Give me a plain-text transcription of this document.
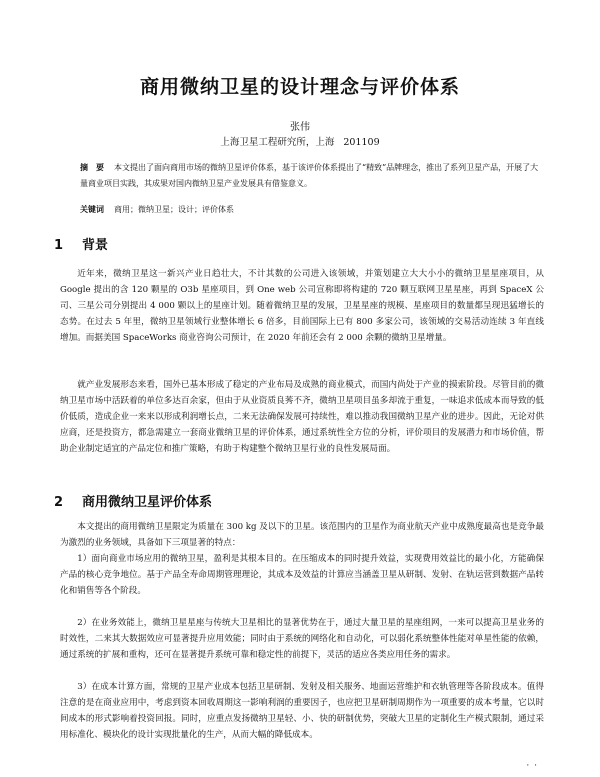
商用微纳卫星的设计理念与评价体系
张伟
上海卫星工程研究所，上海 201109
摘　要 本文提出了面向商用市场的微纳卫星评价体系，基于该评价体系提出了“精致”品牌理念，推出了系列卫星产品，开展了大量商业项目实践，其成果对国内微纳卫星产业发展具有借鉴意义。
关键词 商用；微纳卫星；设计；评价体系
1 背景
近年来，微纳卫星这一新兴产业日趋壮大，不计其数的公司进入该领域，并策划建立大大小小的微纳卫星星座项目，从 Google 提出的含 120 颗星的 O3b 星座项目，到 One web 公司宣称即将构建的 720 颗互联网卫星星座，再到 SpaceX 公司、三星公司分别提出 4 000 颗以上的星座计划。随着微纳卫星的发展，卫星星座的规模、星座项目的数量都呈现迅猛增长的态势。在过去 5 年里，微纳卫星领域行业整体增长 6 倍多，目前国际上已有 800 多家公司，该领域的交易活动连续 3 年直线增加。而据美国 SpaceWorks 商业咨询公司预计，在 2020 年前还会有 2 000 余颗的微纳卫星增量。
就产业发展形态来看，国外已基本形成了稳定的产业布局及成熟的商业模式，而国内尚处于产业的摸索阶段。尽管目前的微纳卫星市场中活跃着的单位多达百余家，但由于从业资质良莠不齐，微纳卫星项目虽多却流于重复，一味追求低成本而导致的低价低质，造成企业一来来以形成利润增长点，二来无法确保发展可持续性，难以推动我国微纳卫星产业的进步。因此，无论对供应商，还是投资方，都急需建立一套商业微纳卫星的评价体系，通过系统性全方位的分析，评价项目的发展潜力和市场价值，帮助企业制定适宜的产品定位和推广策略，有助于构建整个微纳卫星行业的良性发展局面。
2 商用微纳卫星评价体系
本文提出的商用微纳卫星限定为质量在 300 kg 及以下的卫星。该范围内的卫星作为商业航天产业中成熟度最高也是竞争最为激烈的业务领域，具备如下三项显著的特点：
1）面向商业市场应用的微纳卫星，盈利是其根本目的。在压缩成本的同时提升效益，实现费用效益比的最小化，方能确保产品的核心竞争地位。基于产品全寿命周期管理理论，其成本及效益的计算应当涵盖卫星从研制、发射、在轨运营到数据产品转化和销售等各个阶段。
2）在业务效能上，微纳卫星星座与传统大卫星相比的显著优势在于，通过大量卫星的星座组网，一来可以提高卫星业务的时效性，二来其大数据效应可显著提升应用效能；同时由于系统的网络化和自动化，可以弱化系统整体性能对单星性能的依赖，通过系统的扩展和重构，还可在显著提升系统可靠和稳定性的前提下，灵活的适应各类应用任务的需求。
3）在成本计算方面，常规的卫星产业成本包括卫星研制、发射及相关服务、地面运营维护和衣轨管理等各阶段成本。值得注意的是在商业应用中，考虑到资本回收周期这一影响利润的重要因子，也应把卫星研制周期作为一项重要的成本考量，它以时间成本的形式影响着投资回报。同时，应重点发扬微纳卫星轻、小、快的研制优势，突破大卫星的定制化生产模式限制，通过采用标准化、模块化的设计实现批量化的生产，从而大幅的降低成本。
· ·
